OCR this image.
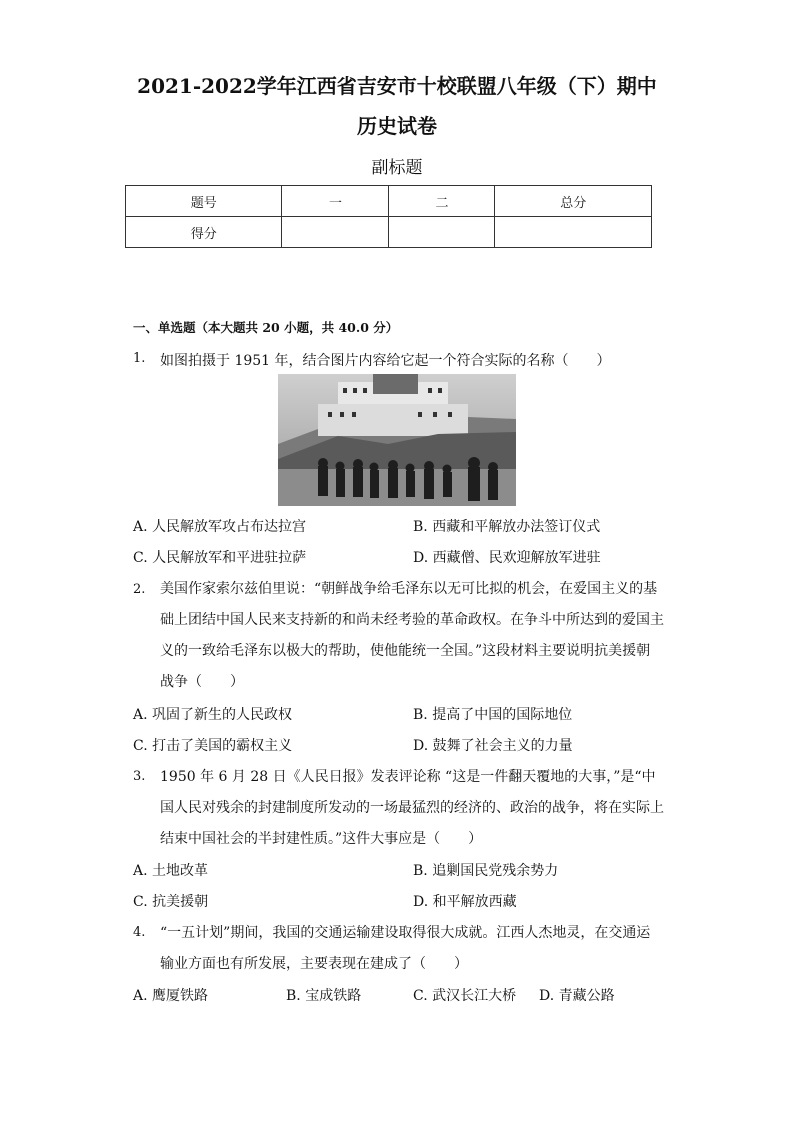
2021-2022学年江西省吉安市十校联盟八年级（下）期中
历史试卷
副标题
题号	一	二	总分
得分			
一、单选题（本大题共 20 小题，共 40.0 分）
1. 如图拍摄于 1951 年，结合图片内容给它起一个符合实际的名称（　　）
A. 人民解放军攻占布达拉宫	B. 西藏和平解放办法签订仪式
C. 人民解放军和平进驻拉萨	D. 西藏僧、民欢迎解放军进驻
2. 美国作家索尔兹伯里说：“朝鲜战争给毛泽东以无可比拟的机会，在爱国主义的基
础上团结中国人民来支持新的和尚未经考验的革命政权。在争斗中所达到的爱国主
义的一致给毛泽东以极大的帮助，使他能统一全国。”这段材料主要说明抗美援朝
战争（　　）
A. 巩固了新生的人民政权	B. 提高了中国的国际地位
C. 打击了美国的霸权主义	D. 鼓舞了社会主义的力量
3. 1950 年 6 月 28 日《人民日报》发表评论称 “这是一件翻天覆地的大事，”是“中
国人民对残余的封建制度所发动的一场最猛烈的经济的、政治的战争，将在实际上
结束中国社会的半封建性质。”这件大事应是（　　）
A. 土地改革	B. 追剿国民党残余势力
C. 抗美援朝	D. 和平解放西藏
4. “一五计划”期间，我国的交通运输建设取得很大成就。江西人杰地灵，在交通运
输业方面也有所发展，主要表现在建成了（　　）
A. 鹰厦铁路	B. 宝成铁路	C. 武汉长江大桥 D. 青藏公路
